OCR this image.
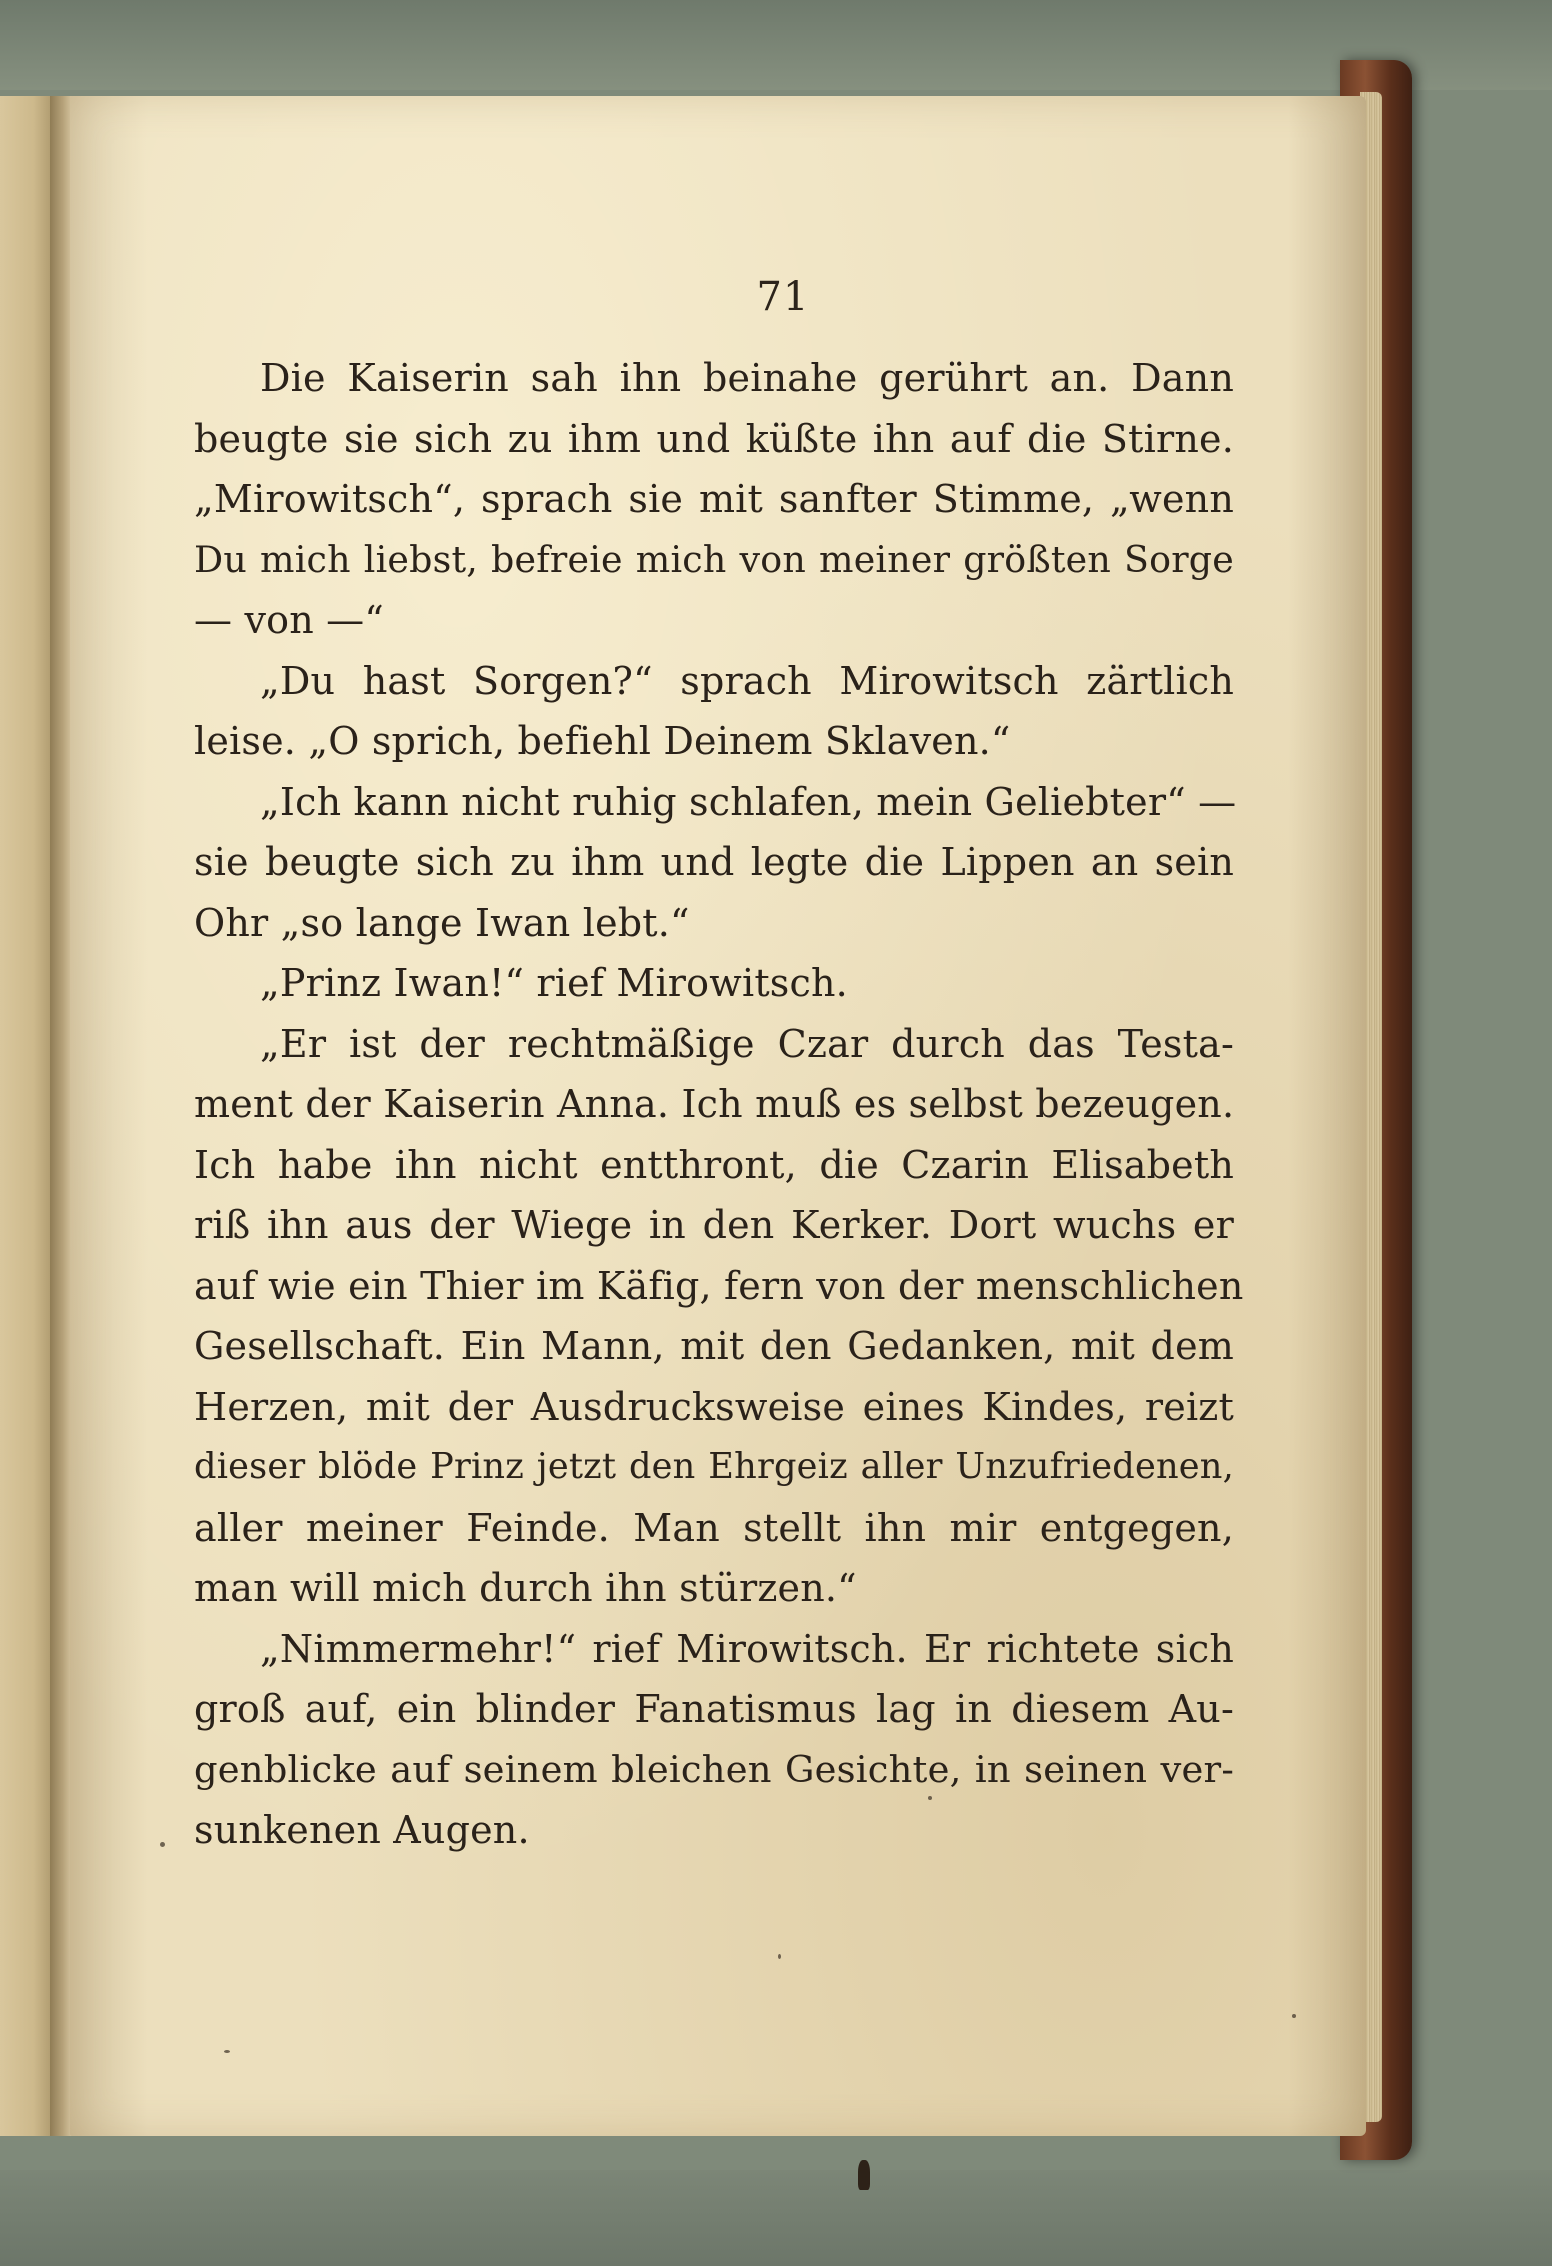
71
Die Kaiserin sah ihn beinahe gerührt an. Dann
beugte sie sich zu ihm und küßte ihn auf die Stirne.
„Mirowitsch“, sprach sie mit sanfter Stimme, „wenn
Du mich liebst, befreie mich von meiner größten Sorge
— von —“
„Du hast Sorgen?“ sprach Mirowitsch zärtlich
leise. „O sprich, befiehl Deinem Sklaven.“
„Ich kann nicht ruhig schlafen, mein Geliebter“ —
sie beugte sich zu ihm und legte die Lippen an sein
Ohr „so lange Iwan lebt.“
„Prinz Iwan!“ rief Mirowitsch.
„Er ist der rechtmäßige Czar durch das Testa-
ment der Kaiserin Anna. Ich muß es selbst bezeugen.
Ich habe ihn nicht entthront, die Czarin Elisabeth
riß ihn aus der Wiege in den Kerker. Dort wuchs er
auf wie ein Thier im Käfig, fern von der menschlichen
Gesellschaft. Ein Mann, mit den Gedanken, mit dem
Herzen, mit der Ausdrucksweise eines Kindes, reizt
dieser blöde Prinz jetzt den Ehrgeiz aller Unzufriedenen,
aller meiner Feinde. Man stellt ihn mir entgegen,
man will mich durch ihn stürzen.“
„Nimmermehr!“ rief Mirowitsch. Er richtete sich
groß auf, ein blinder Fanatismus lag in diesem Au-
genblicke auf seinem bleichen Gesichte, in seinen ver-
sunkenen Augen.
